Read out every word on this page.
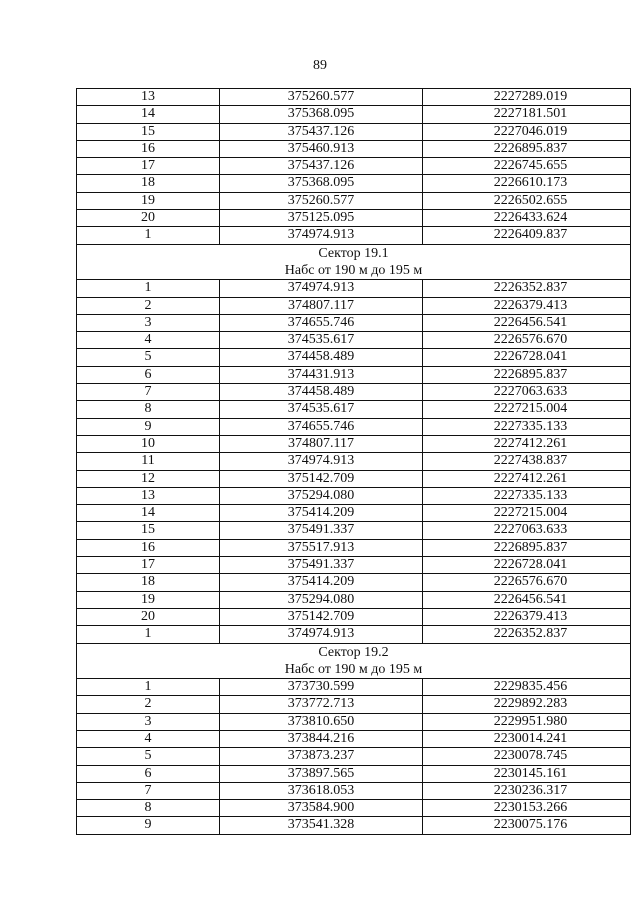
89
13	375260.577	2227289.019
14	375368.095	2227181.501
15	375437.126	2227046.019
16	375460.913	2226895.837
17	375437.126	2226745.655
18	375368.095	2226610.173
19	375260.577	2226502.655
20	375125.095	2226433.624
1	374974.913	2226409.837
Сектор 19.1
Набс от 190 м до 195 м
1	374974.913	2226352.837
2	374807.117	2226379.413
3	374655.746	2226456.541
4	374535.617	2226576.670
5	374458.489	2226728.041
6	374431.913	2226895.837
7	374458.489	2227063.633
8	374535.617	2227215.004
9	374655.746	2227335.133
10	374807.117	2227412.261
11	374974.913	2227438.837
12	375142.709	2227412.261
13	375294.080	2227335.133
14	375414.209	2227215.004
15	375491.337	2227063.633
16	375517.913	2226895.837
17	375491.337	2226728.041
18	375414.209	2226576.670
19	375294.080	2226456.541
20	375142.709	2226379.413
1	374974.913	2226352.837
Сектор 19.2
Набс от 190 м до 195 м
1	373730.599	2229835.456
2	373772.713	2229892.283
3	373810.650	2229951.980
4	373844.216	2230014.241
5	373873.237	2230078.745
6	373897.565	2230145.161
7	373618.053	2230236.317
8	373584.900	2230153.266
9	373541.328	2230075.176
